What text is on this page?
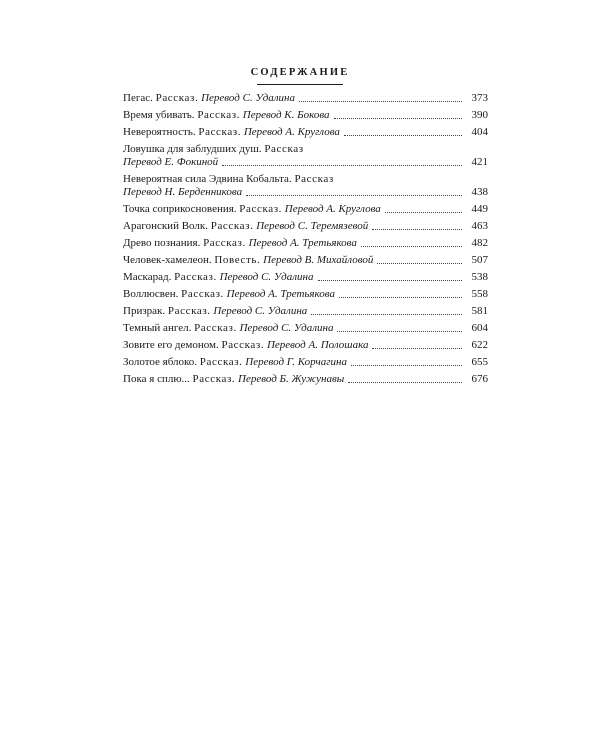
СОДЕРЖАНИЕ
Пегас. Рассказ. Перевод С. Удалина	373
Время убивать. Рассказ. Перевод К. Бокова	390
Невероятность. Рассказ. Перевод А. Круглова	404
Ловушка для заблудших душ. Рассказ
Перевод Е. Фокиной	421
Невероятная сила Эдвина Кобальта. Рассказ
Перевод Н. Берденникова	438
Точка соприкосновения. Рассказ. Перевод А. Круглова	449
Арагонский Волк. Рассказ. Перевод С. Теремязевой	463
Древо познания. Рассказ. Перевод А. Третьякова	482
Человек-хамелеон. Повесть. Перевод В. Михайловой	507
Маскарад. Рассказ. Перевод С. Удалина	538
Воллюсвен. Рассказ. Перевод А. Третьякова	558
Призрак. Рассказ. Перевод С. Удалина	581
Темный ангел. Рассказ. Перевод С. Удалина	604
Зовите его демоном. Рассказ. Перевод А. Полошака	622
Золотое яблоко. Рассказ. Перевод Г. Корчагина	655
Пока я сплю... Рассказ. Перевод Б. Жужунавы	676
